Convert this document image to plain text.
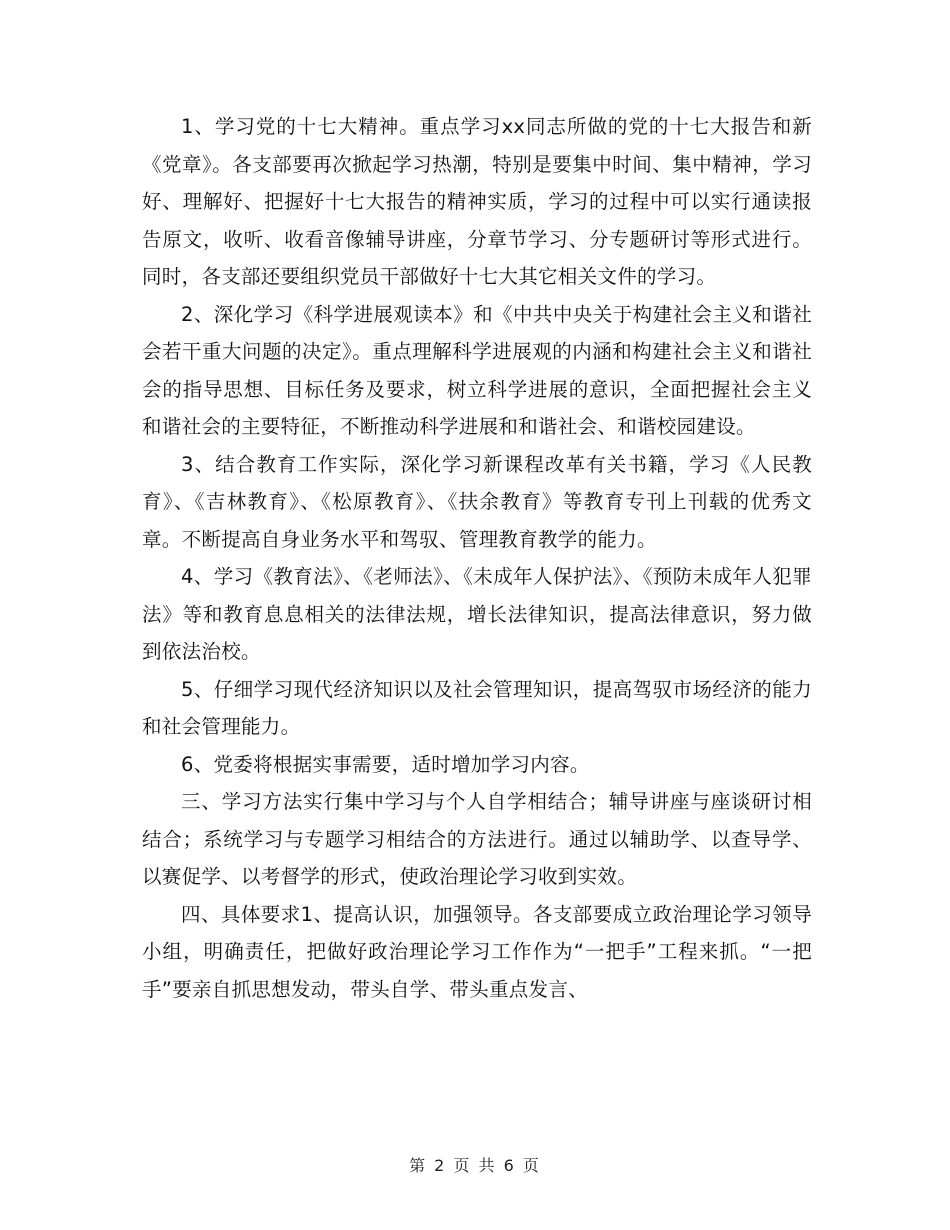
1、学习党的十七大精神。重点学习xx同志所做的党的十七大报告和新《党章》。各支部要再次掀起学习热潮，特别是要集中时间、集中精神，学习好、理解好、把握好十七大报告的精神实质，学习的过程中可以实行通读报告原文，收听、收看音像辅导讲座，分章节学习、分专题研讨等形式进行。同时，各支部还要组织党员干部做好十七大其它相关文件的学习。

2、深化学习《科学进展观读本》和《中共中央关于构建社会主义和谐社会若干重大问题的决定》。重点理解科学进展观的内涵和构建社会主义和谐社会的指导思想、目标任务及要求，树立科学进展的意识，全面把握社会主义和谐社会的主要特征，不断推动科学进展和和谐社会、和谐校园建设。

3、结合教育工作实际，深化学习新课程改革有关书籍，学习《人民教育》、《吉林教育》、《松原教育》、《扶余教育》等教育专刊上刊载的优秀文章。不断提高自身业务水平和驾驭、管理教育教学的能力。

4、学习《教育法》、《老师法》、《未成年人保护法》、《预防未成年人犯罪法》等和教育息息相关的法律法规，增长法律知识，提高法律意识，努力做到依法治校。

5、仔细学习现代经济知识以及社会管理知识，提高驾驭市场经济的能力和社会管理能力。

6、党委将根据实事需要，适时增加学习内容。

三、学习方法实行集中学习与个人自学相结合；辅导讲座与座谈研讨相结合；系统学习与专题学习相结合的方法进行。通过以辅助学、以查导学、以赛促学、以考督学的形式，使政治理论学习收到实效。

四、具体要求1、提高认识，加强领导。各支部要成立政治理论学习领导小组，明确责任，把做好政治理论学习工作作为“一把手”工程来抓。“一把手”要亲自抓思想发动，带头自学、带头重点发言、

第 2 页 共 6 页
